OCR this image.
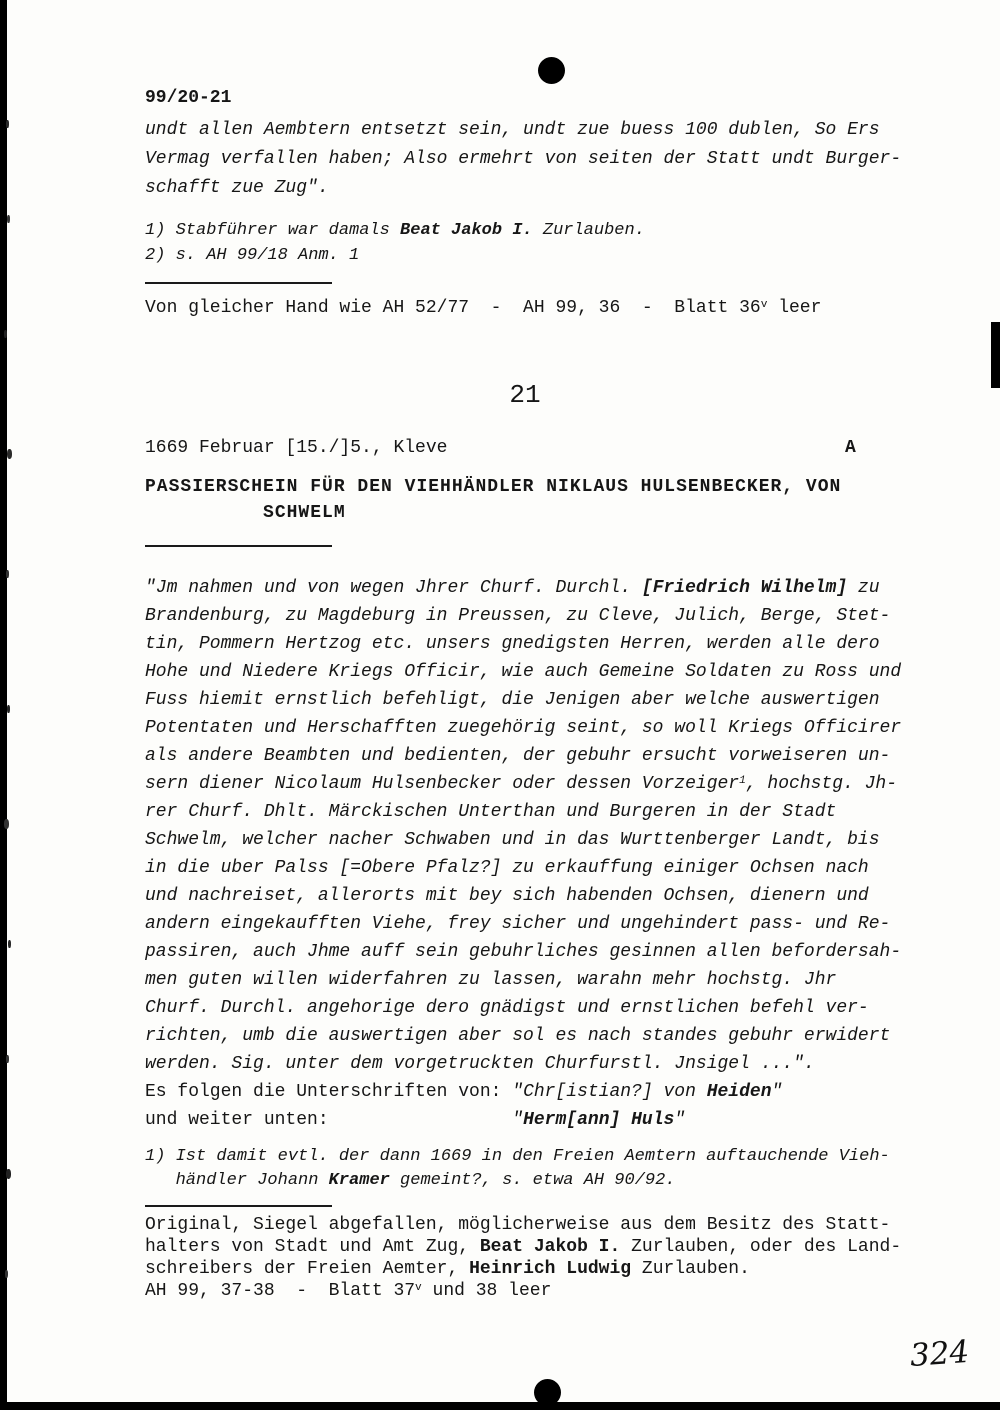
99/20-21
undt allen Aembtern entsetzt sein, undt zue buess 100 dublen, So Ers
Vermag verfallen haben; Also ermehrt von seiten der Statt undt Burger-
schafft zue Zug".
1) Stabführer war damals Beat Jakob I. Zurlauben.
2) s. AH 99/18 Anm. 1
Von gleicher Hand wie AH 52/77  -  AH 99, 36  -  Blatt 36$^v$ leer
21
1669 Februar [15./]5., Kleve	A
PASSIERSCHEIN FÜR DEN VIEHHÄNDLER NIKLAUS HULSENBECKER, VON
SCHWELM
"Jm nahmen und von wegen Jhrer Churf. Durchl. [Friedrich Wilhelm] zu
Brandenburg, zu Magdeburg in Preussen, zu Cleve, Julich, Berge, Stet-
tin, Pommern Hertzog etc. unsers gnedigsten Herren, werden alle dero
Hohe und Niedere Kriegs Officir, wie auch Gemeine Soldaten zu Ross und
Fuss hiemit ernstlich befehligt, die Jenigen aber welche auswertigen
Potentaten und Herschafften zuegehörig seint, so woll Kriegs Officirer
als andere Beambten und bedienten, der gebuhr ersucht vorweiseren un-
sern diener Nicolaum Hulsenbecker oder dessen Vorzeiger$^1$, hochstg. Jh-
rer Churf. Dhlt. Märckischen Unterthan und Burgeren in der Stadt
Schwelm, welcher nacher Schwaben und in das Wurttenberger Landt, bis
in die uber Palss [=Obere Pfalz?] zu erkauffung einiger Ochsen nach
und nachreiset, allerorts mit bey sich habenden Ochsen, dienern und
andern eingekaufften Viehe, frey sicher und ungehindert pass- und Re-
passiren, auch Jhme auff sein gebuhrliches gesinnen allen befordersah-
men guten willen widerfahren zu lassen, warahn mehr hochstg. Jhr
Churf. Durchl. angehorige dero gnädigst und ernstlichen befehl ver-
richten, umb die auswertigen aber sol es nach standes gebuhr erwidert
werden. Sig. unter dem vorgetruckten Churfurstl. Jnsigel ...".
Es folgen die Unterschriften von: "Chr[istian?] von Heiden"
und weiter unten:                 "Herm[ann] Huls"
1) Ist damit evtl. der dann 1669 in den Freien Aemtern auftauchende Vieh-
händler Johann Kramer gemeint?, s. etwa AH 90/92.
Original, Siegel abgefallen, möglicherweise aus dem Besitz des Statt-
halters von Stadt und Amt Zug, Beat Jakob I. Zurlauben, oder des Land-
schreibers der Freien Aemter, Heinrich Ludwig Zurlauben.
AH 99, 37-38  -  Blatt 37$^v$ und 38 leer
324
